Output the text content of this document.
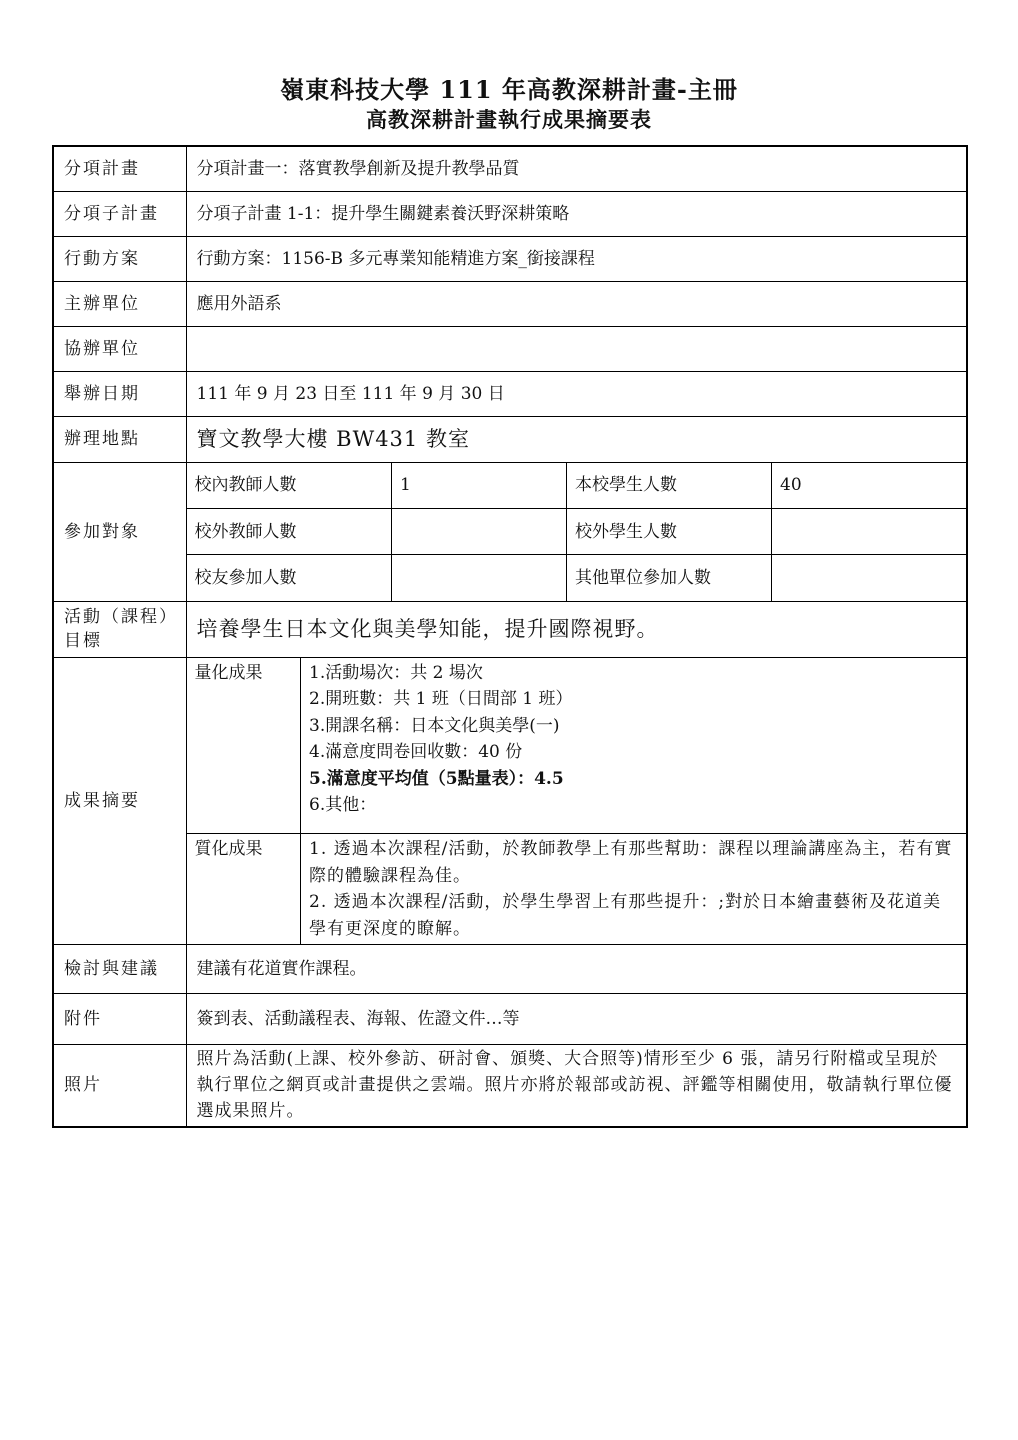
嶺東科技大學 111 年高教深耕計畫-主冊
高教深耕計畫執行成果摘要表
分項計畫	分項計畫一：落實教學創新及提升教學品質
分項子計畫	分項子計畫 1-1：提升學生關鍵素養沃野深耕策略
行動方案	行動方案：1156-B 多元專業知能精進方案_銜接課程
主辦單位	應用外語系
協辦單位	
舉辦日期	111 年 9 月 23 日至 111 年 9 月 30 日
辦理地點	寶文教學大樓 BW431 教室
參加對象	
校內教師人數	1	本校學生人數	40
校外教師人數		校外學生人數	
校友參加人數		其他單位參加人數	

活動（課程）目標	培養學生日本文化與美學知能，提升國際視野。
成果摘要	
量化成果	1.活動場次：共 2 場次
2.開班數：共 1 班（日間部 1 班）
3.開課名稱：日本文化與美學(一)
4.滿意度問卷回收數：40 份
5.滿意度平均值（5點量表）：4.5
6.其他：

質化成果	1. 透過本次課程/活動，於教師教學上有那些幫助：課程以理論講座為主，若有實際的體驗課程為佳。
2. 透過本次課程/活動，於學生學習上有那些提升：;對於日本繪畫藝術及花道美學有更深度的瞭解。

檢討與建議	建議有花道實作課程。
附件	簽到表、活動議程表、海報、佐證文件…等
照片	照片為活動(上課、校外參訪、研討會、頒獎、大合照等)情形至少 6 張，請另行附檔或呈現於執行單位之網頁或計畫提供之雲端。照片亦將於報部或訪視、評鑑等相關使用，敬請執行單位優選成果照片。
